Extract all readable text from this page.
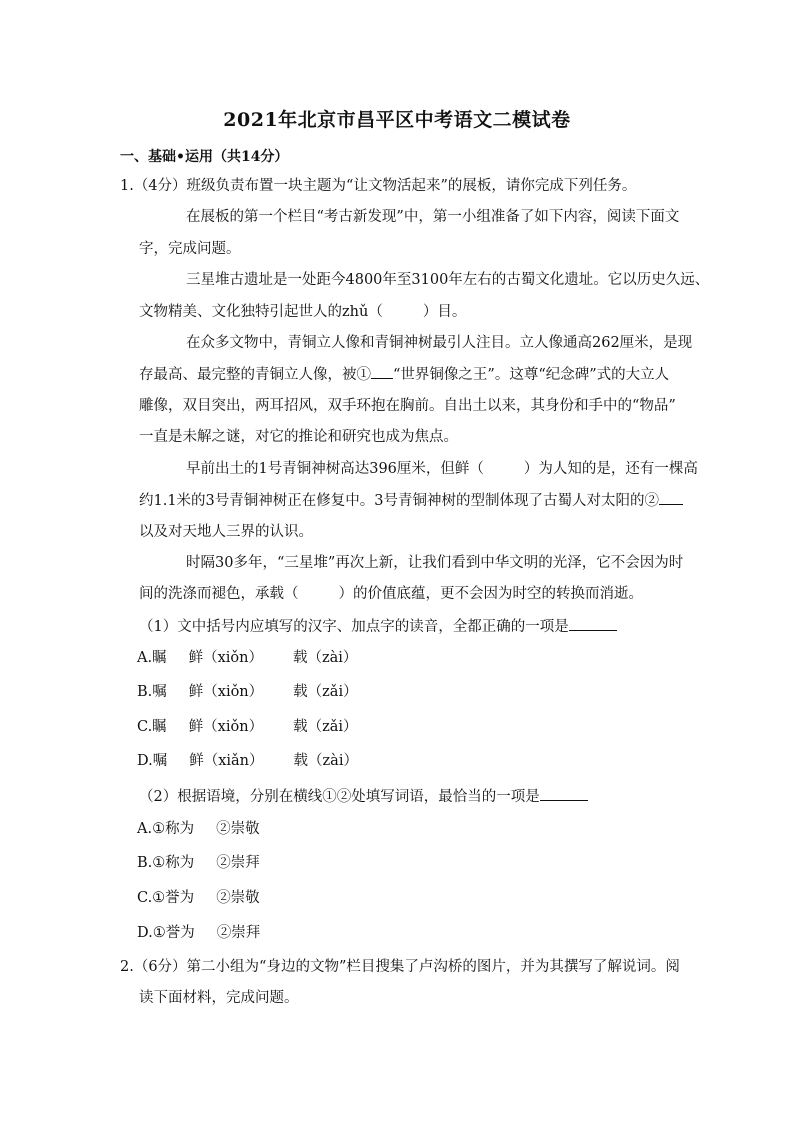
2021年北京市昌平区中考语文二模试卷
一、基础•运用（共14分）
1.（4分）班级负责布置一块主题为“让文物活起来”的展板，请你完成下列任务。
在展板的第一个栏目“考古新发现”中，第一小组准备了如下内容，阅读下面文
字，完成问题。
三星堆古遗址是一处距今4800年至3100年左右的古蜀文化遗址。它以历史久远、
文物精美、文化独特引起世人的zhǔ（	）目。
在众多文物中，青铜立人像和青铜神树最引人注目。立人像通高262厘米，是现
存最高、最完整的青铜立人像，被① “世界铜像之王”。这尊“纪念碑”式的大立人
雕像，双目突出，两耳招风，双手环抱在胸前。自出土以来，其身份和手中的“物品”
一直是未解之谜，对它的推论和研究也成为焦点。
早前出土的1号青铜神树高达396厘米，但鲜（	）为人知的是，还有一棵高
约1.1米的3号青铜神树正在修复中。3号青铜神树的型制体现了古蜀人对太阳的②
以及对天地人三界的认识。
时隔30多年，“三星堆”再次上新，让我们看到中华文明的光泽，它不会因为时
间的洗涤而褪色，承载（	）的价值底蕴，更不会因为时空的转换而消逝。
（1）文中括号内应填写的汉字、加点字的读音，全都正确的一项是
A.瞩 鲜（xiǒn） 载（zài）
B.嘱 鲜（xiǒn） 载（zǎi）
C.瞩 鲜（xiǒn） 载（zǎi）
D.嘱 鲜（xiǎn） 载（zài）
（2）根据语境，分别在横线①②处填写词语，最恰当的一项是
A.①称为 ②崇敬
B.①称为 ②崇拜
C.①誉为 ②崇敬
D.①誉为 ②崇拜
2.（6分）第二小组为“身边的文物”栏目搜集了卢沟桥的图片，并为其撰写了解说词。阅
读下面材料，完成问题。
